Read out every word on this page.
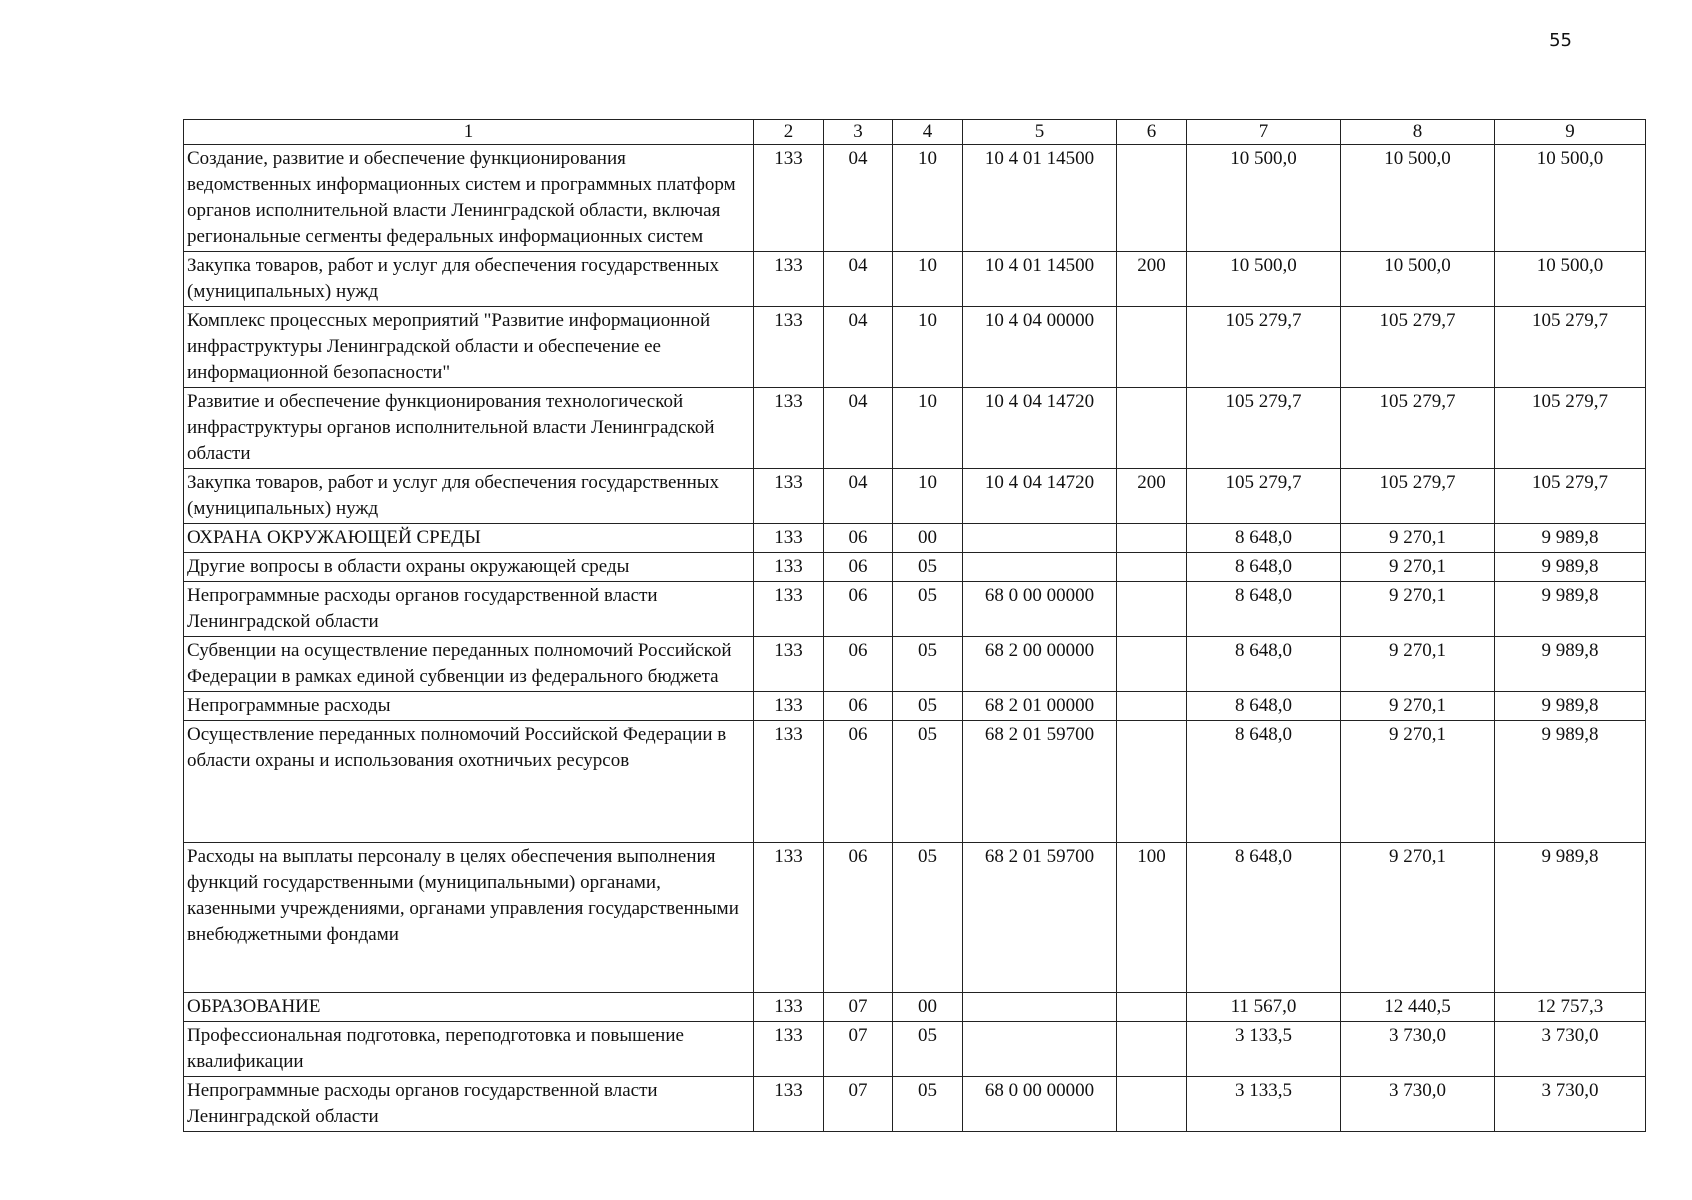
55
1	2	3	4	5	6	7	8	9
Создание, развитие и обеспечение функционирования ведомственных информационных систем и программных платформ органов исполнительной власти Ленинградской области, включая региональные сегменты федеральных информационных систем	133	04	10	10 4 01 14500		10 500,0	10 500,0	10 500,0
Закупка товаров, работ и услуг для обеспечения государственных (муниципальных) нужд	133	04	10	10 4 01 14500	200	10 500,0	10 500,0	10 500,0
Комплекс процессных мероприятий "Развитие информационной инфраструктуры Ленинградской области и обеспечение ее информационной безопасности"	133	04	10	10 4 04 00000		105 279,7	105 279,7	105 279,7
Развитие и обеспечение функционирования технологической инфраструктуры органов исполнительной власти Ленинградской области	133	04	10	10 4 04 14720		105 279,7	105 279,7	105 279,7
Закупка товаров, работ и услуг для обеспечения государственных (муниципальных) нужд	133	04	10	10 4 04 14720	200	105 279,7	105 279,7	105 279,7
ОХРАНА ОКРУЖАЮЩЕЙ СРЕДЫ	133	06	00			8 648,0	9 270,1	9 989,8
Другие вопросы в области охраны окружающей среды	133	06	05			8 648,0	9 270,1	9 989,8
Непрограммные расходы органов государственной власти Ленинградской области	133	06	05	68 0 00 00000		8 648,0	9 270,1	9 989,8
Субвенции на осуществление переданных полномочий Российской Федерации в рамках единой субвенции из федерального бюджета	133	06	05	68 2 00 00000		8 648,0	9 270,1	9 989,8
Непрограммные расходы	133	06	05	68 2 01 00000		8 648,0	9 270,1	9 989,8
Осуществление переданных полномочий Российской Федерации в области охраны и использования охотничьих ресурсов	133	06	05	68 2 01 59700		8 648,0	9 270,1	9 989,8
Расходы на выплаты персоналу в целях обеспечения выполнения функций государственными (муниципальными) органами, казенными учреждениями, органами управления государственными внебюджетными фондами	133	06	05	68 2 01 59700	100	8 648,0	9 270,1	9 989,8
ОБРАЗОВАНИЕ	133	07	00			11 567,0	12 440,5	12 757,3
Профессиональная подготовка, переподготовка и повышение квалификации	133	07	05			3 133,5	3 730,0	3 730,0
Непрограммные расходы органов государственной власти Ленинградской области	133	07	05	68 0 00 00000		3 133,5	3 730,0	3 730,0
